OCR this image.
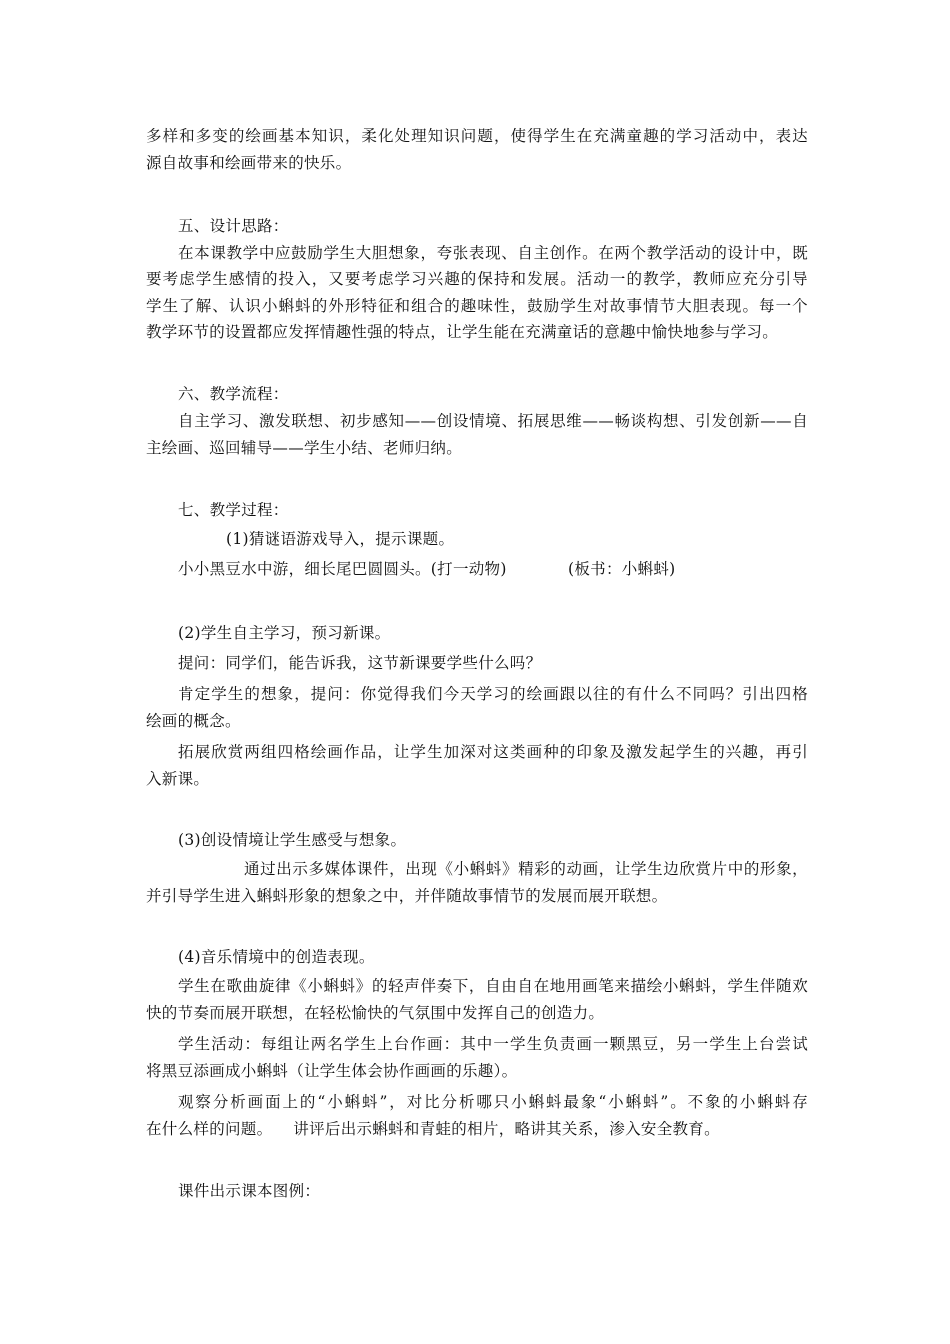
多样和多变的绘画基本知识，柔化处理知识问题，使得学生在充满童趣的学习活动中，表达
源自故事和绘画带来的快乐。
五、设计思路：
在本课教学中应鼓励学生大胆想象，夸张表现、自主创作。在两个教学活动的设计中，既
要考虑学生感情的投入，又要考虑学习兴趣的保持和发展。活动一的教学，教师应充分引导
学生了解、认识小蝌蚪的外形特征和组合的趣味性，鼓励学生对故事情节大胆表现。每一个
教学环节的设置都应发挥情趣性强的特点，让学生能在充满童话的意趣中愉快地参与学习。
六、教学流程：
自主学习、激发联想、初步感知——创设情境、拓展思维——畅谈构想、引发创新——自
主绘画、巡回辅导——学生小结、老师归纳。
七、教学过程：
(1)猜谜语游戏导入，提示课题。
小小黑豆水中游，细长尾巴圆圆头。(打一动物)	(板书：小蝌蚪)
(2)学生自主学习，预习新课。
提问：同学们，能告诉我，这节新课要学些什么吗？
肯定学生的想象，提问：你觉得我们今天学习的绘画跟以往的有什么不同吗？引出四格
绘画的概念。
拓展欣赏两组四格绘画作品，让学生加深对这类画种的印象及激发起学生的兴趣，再引
入新课。
(3)创设情境让学生感受与想象。
通过出示多媒体课件，出现《小蝌蚪》精彩的动画，让学生边欣赏片中的形象，
并引导学生进入蝌蚪形象的想象之中，并伴随故事情节的发展而展开联想。
(4)音乐情境中的创造表现。
学生在歌曲旋律《小蝌蚪》的轻声伴奏下，自由自在地用画笔来描绘小蝌蚪，学生伴随欢
快的节奏而展开联想，在轻松愉快的气氛围中发挥自己的创造力。
学生活动：每组让两名学生上台作画：其中一学生负责画一颗黑豆，另一学生上台尝试
将黑豆添画成小蝌蚪（让学生体会协作画画的乐趣）。
观察分析画面上的“小蝌蚪”，对比分析哪只小蝌蚪最象“小蝌蚪”。不象的小蝌蚪存
在什么样的问题。    讲评后出示蝌蚪和青蛙的相片，略讲其关系，渗入安全教育。
课件出示课本图例：
